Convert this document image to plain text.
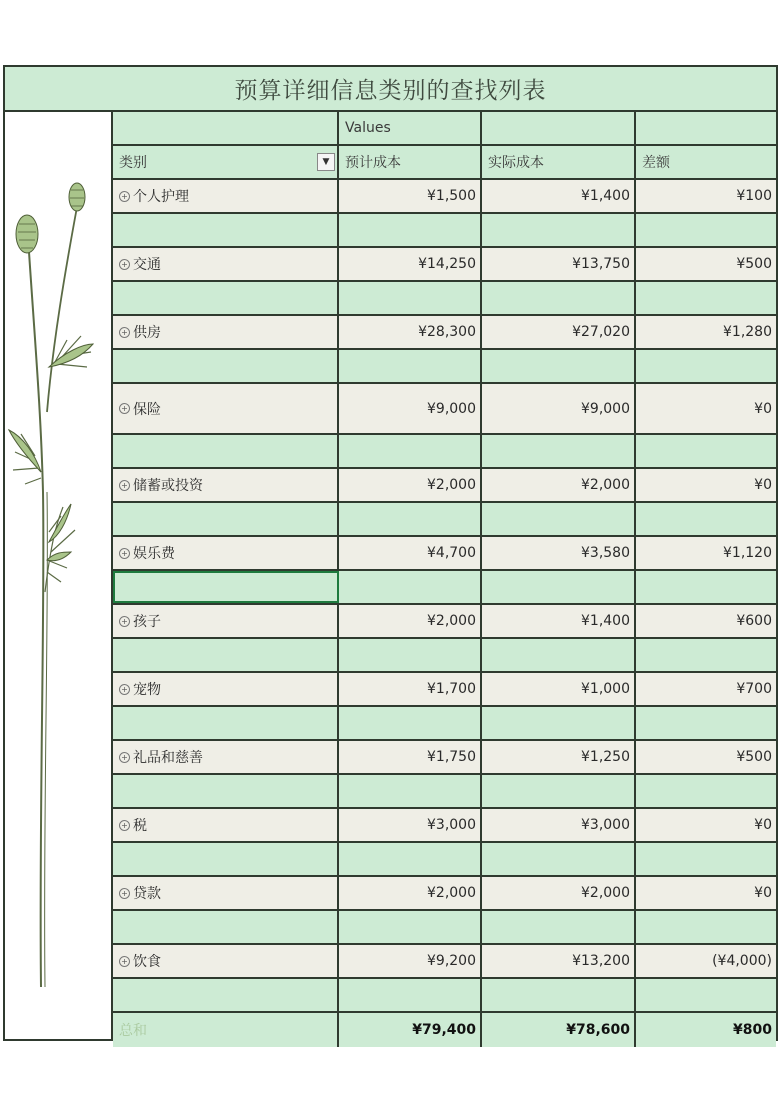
预算详细信息类别的查找列表
Values
类别	▼	预计成本	实际成本	差额
+ 个人护理	¥1,500	¥1,400	¥100
+ 交通	¥14,250	¥13,750	¥500
+ 供房	¥28,300	¥27,020	¥1,280
+ 保险	¥9,000	¥9,000	¥0
+ 储蓄或投资	¥2,000	¥2,000	¥0
+ 娱乐费	¥4,700	¥3,580	¥1,120
+ 孩子	¥2,000	¥1,400	¥600
+ 宠物	¥1,700	¥1,000	¥700
+ 礼品和慈善	¥1,750	¥1,250	¥500
+ 税	¥3,000	¥3,000	¥0
+ 贷款	¥2,000	¥2,000	¥0
+ 饮食	¥9,200	¥13,200	(¥4,000)
总和	¥79,400	¥78,600	¥800
